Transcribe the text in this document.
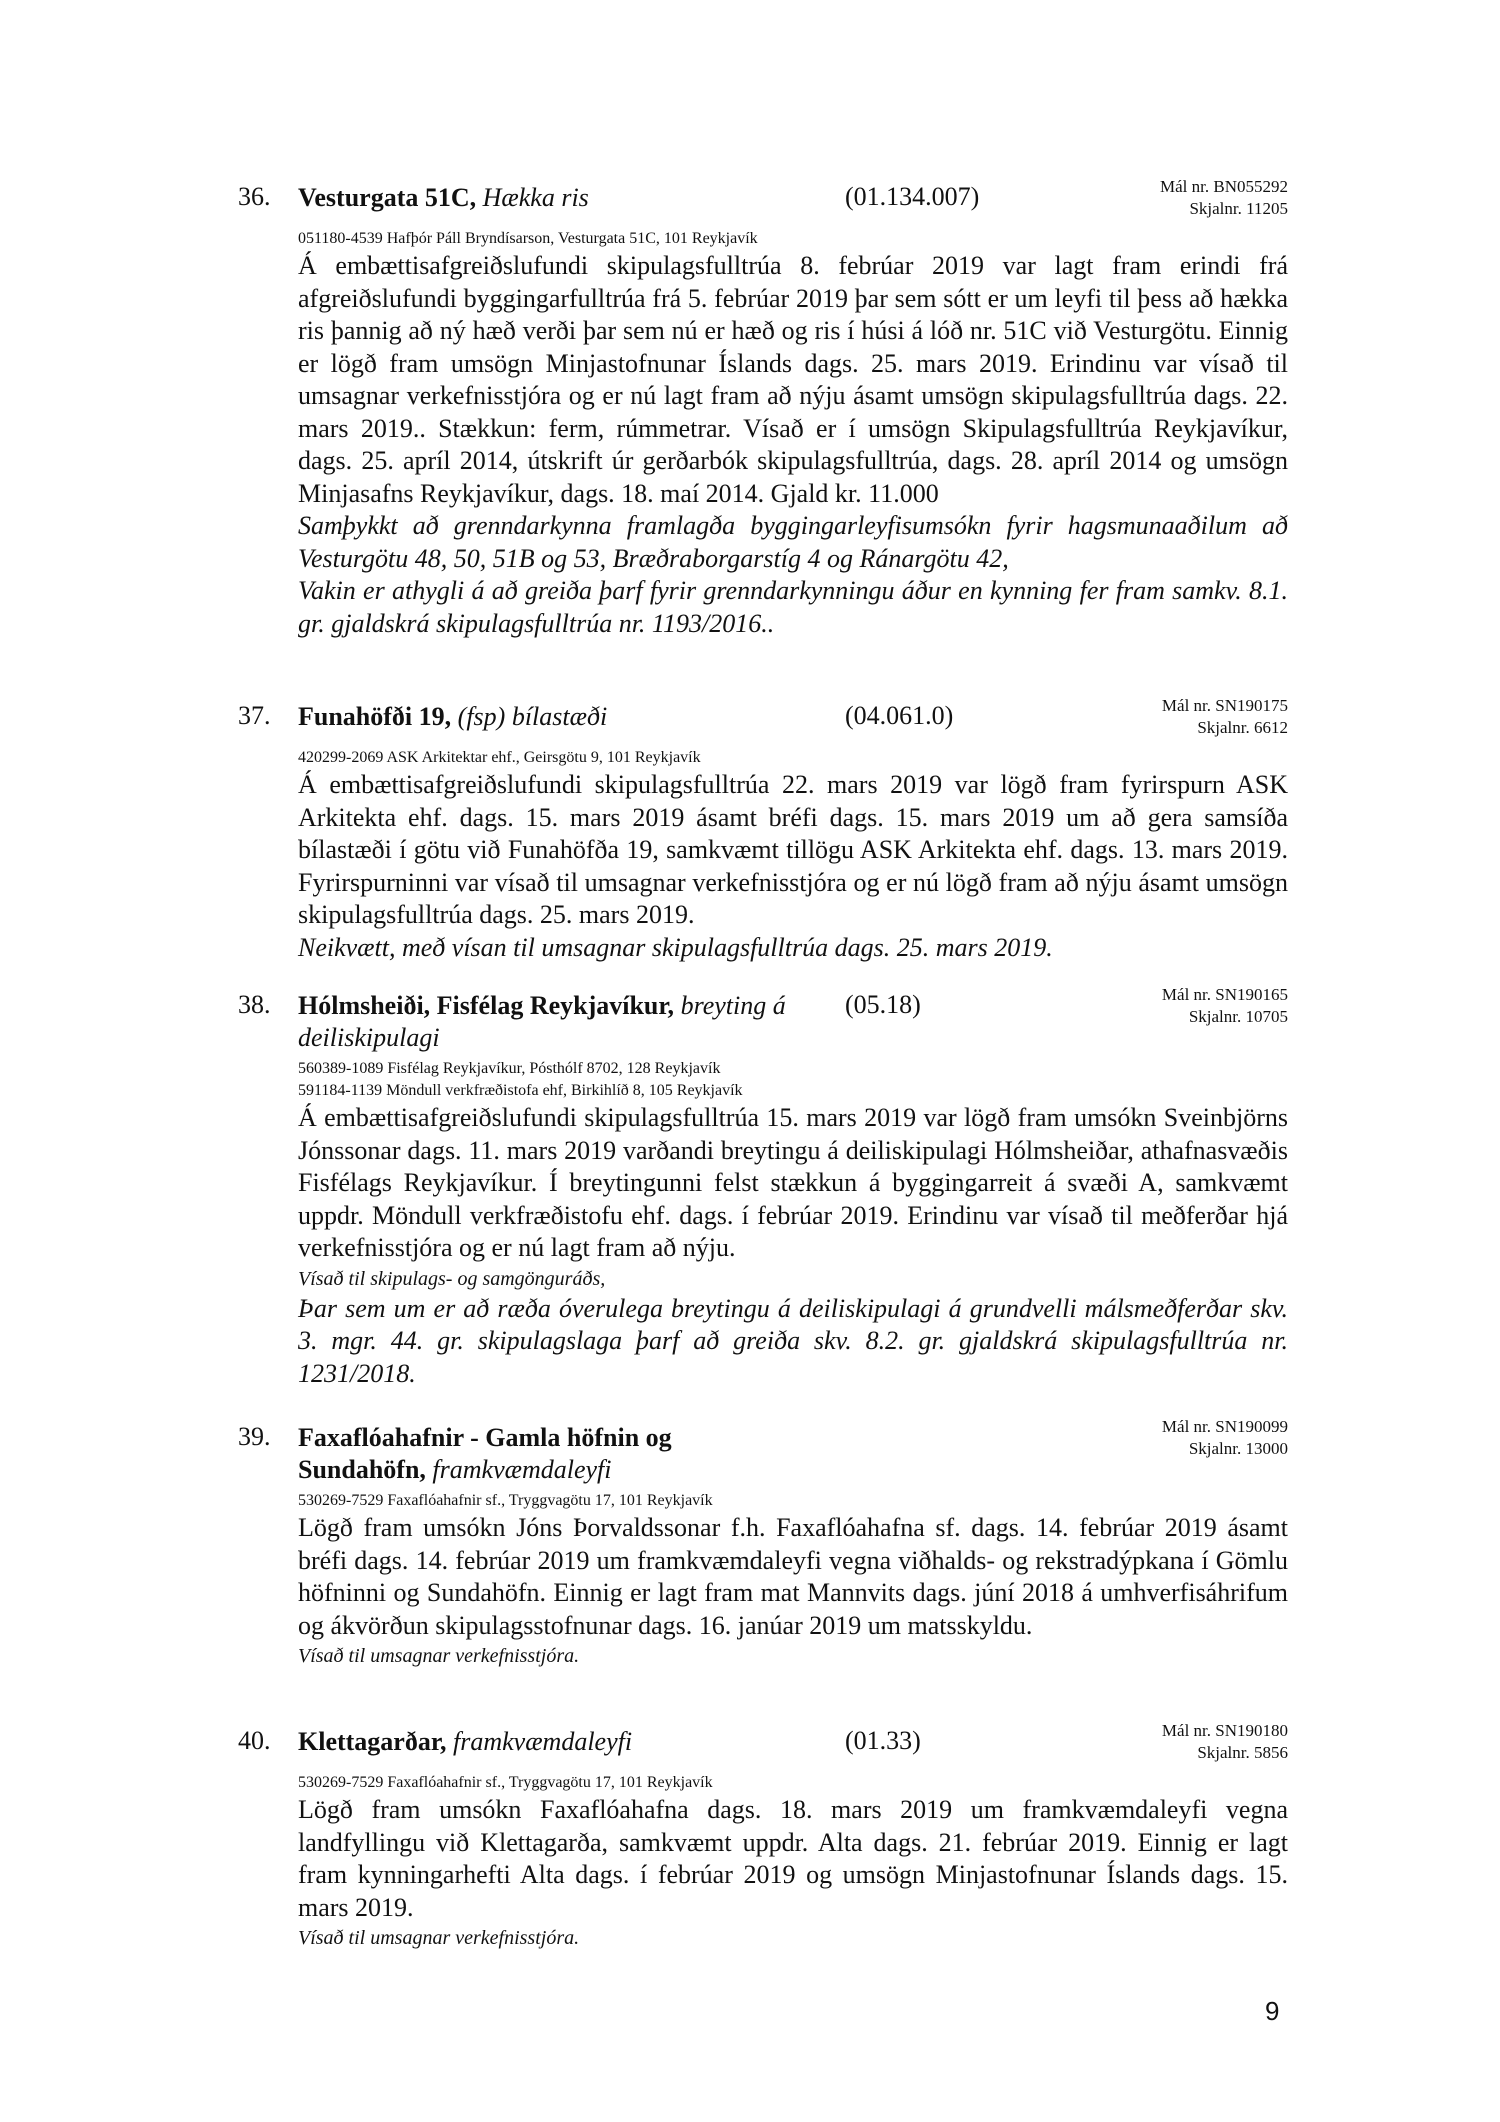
36. Vesturgata 51C, Hækka ris	(01.134.007)	Mál nr. BN055292
Skjalnr. 11205
051180-4539 Hafþór Páll Bryndísarson, Vesturgata 51C, 101 Reykjavík
Á embættisafgreiðslufundi skipulagsfulltrúa 8. febrúar 2019 var lagt fram erindi frá afgreiðslufundi byggingarfulltrúa frá 5. febrúar 2019 þar sem sótt er um leyfi til þess að hækka ris þannig að ný hæð verði þar sem nú er hæð og ris í húsi á lóð nr. 51C við Vesturgötu. Einnig er lögð fram umsögn Minjastofnunar Íslands dags. 25. mars 2019. Erindinu var vísað til umsagnar verkefnisstjóra og er nú lagt fram að nýju ásamt umsögn skipulagsfulltrúa dags. 22. mars 2019.. Stækkun: ferm, rúmmetrar. Vísað er í umsögn Skipulagsfulltrúa Reykjavíkur, dags. 25. apríl 2014, útskrift úr gerðarbók skipulagsfulltrúa, dags. 28. apríl 2014 og umsögn Minjasafns Reykjavíkur, dags. 18. maí 2014. Gjald kr. 11.000
Samþykkt að grenndarkynna framlagða byggingarleyfisumsókn fyrir hagsmunaaðilum að Vesturgötu 48, 50, 51B og 53, Bræðraborgarstíg 4 og Ránargötu 42,
Vakin er athygli á að greiða þarf fyrir grenndarkynningu áður en kynning fer fram samkv. 8.1. gr. gjaldskrá skipulagsfulltrúa nr. 1193/2016..
37. Funahöfði 19, (fsp) bílastæði	(04.061.0)	Mál nr. SN190175
Skjalnr. 6612
420299-2069 ASK Arkitektar ehf., Geirsgötu 9, 101 Reykjavík
Á embættisafgreiðslufundi skipulagsfulltrúa 22. mars 2019 var lögð fram fyrirspurn ASK Arkitekta ehf. dags. 15. mars 2019 ásamt bréfi dags. 15. mars 2019 um að gera samsíða bílastæði í götu við Funahöfða 19, samkvæmt tillögu ASK Arkitekta ehf. dags. 13. mars 2019. Fyrirspurninni var vísað til umsagnar verkefnisstjóra og er nú lögð fram að nýju ásamt umsögn skipulagsfulltrúa dags. 25. mars 2019.
Neikvætt, með vísan til umsagnar skipulagsfulltrúa dags. 25. mars 2019.
38. Hólmsheiði, Fisfélag Reykjavíkur, breyting á deiliskipulagi
(05.18)	Mál nr. SN190165
Skjalnr. 10705
560389-1089 Fisfélag Reykjavíkur, Pósthólf 8702, 128 Reykjavík
591184-1139 Möndull verkfræðistofa ehf, Birkihlíð 8, 105 Reykjavík
Á embættisafgreiðslufundi skipulagsfulltrúa 15. mars 2019 var lögð fram umsókn Sveinbjörns Jónssonar dags. 11. mars 2019 varðandi breytingu á deiliskipulagi Hólmsheiðar, athafnasvæðis Fisfélags Reykjavíkur. Í breytingunni felst stækkun á byggingarreit á svæði A, samkvæmt uppdr. Möndull verkfræðistofu ehf. dags. í febrúar 2019. Erindinu var vísað til meðferðar hjá verkefnisstjóra og er nú lagt fram að nýju.
Vísað til skipulags- og samgönguráðs,
Þar sem um er að ræða óverulega breytingu á deiliskipulagi á grundvelli málsmeðferðar skv. 3. mgr. 44. gr. skipulagslaga þarf að greiða skv. 8.2. gr. gjaldskrá skipulagsfulltrúa nr. 1231/2018.
39. Faxaflóahafnir - Gamla höfnin og Sundahöfn, framkvæmdaleyfi
Mál nr. SN190099
Skjalnr. 13000
530269-7529 Faxaflóahafnir sf., Tryggvagötu 17, 101 Reykjavík
Lögð fram umsókn Jóns Þorvaldssonar f.h. Faxaflóahafna sf. dags. 14. febrúar 2019 ásamt bréfi dags. 14. febrúar 2019 um framkvæmdaleyfi vegna viðhalds- og rekstradýpkana í Gömlu höfninni og Sundahöfn. Einnig er lagt fram mat Mannvits dags. júní 2018 á umhverfisáhrifum og ákvörðun skipulagsstofnunar dags. 16. janúar 2019 um matsskyldu.
Vísað til umsagnar verkefnisstjóra.
40. Klettagarðar, framkvæmdaleyfi	(01.33)	Mál nr. SN190180
Skjalnr. 5856
530269-7529 Faxaflóahafnir sf., Tryggvagötu 17, 101 Reykjavík
Lögð fram umsókn Faxaflóahafna dags. 18. mars 2019 um framkvæmdaleyfi vegna landfyllingu við Klettagarða, samkvæmt uppdr. Alta dags. 21. febrúar 2019. Einnig er lagt fram kynningarhefti Alta dags. í febrúar 2019 og umsögn Minjastofnunar Íslands dags. 15. mars 2019.
Vísað til umsagnar verkefnisstjóra.
9
